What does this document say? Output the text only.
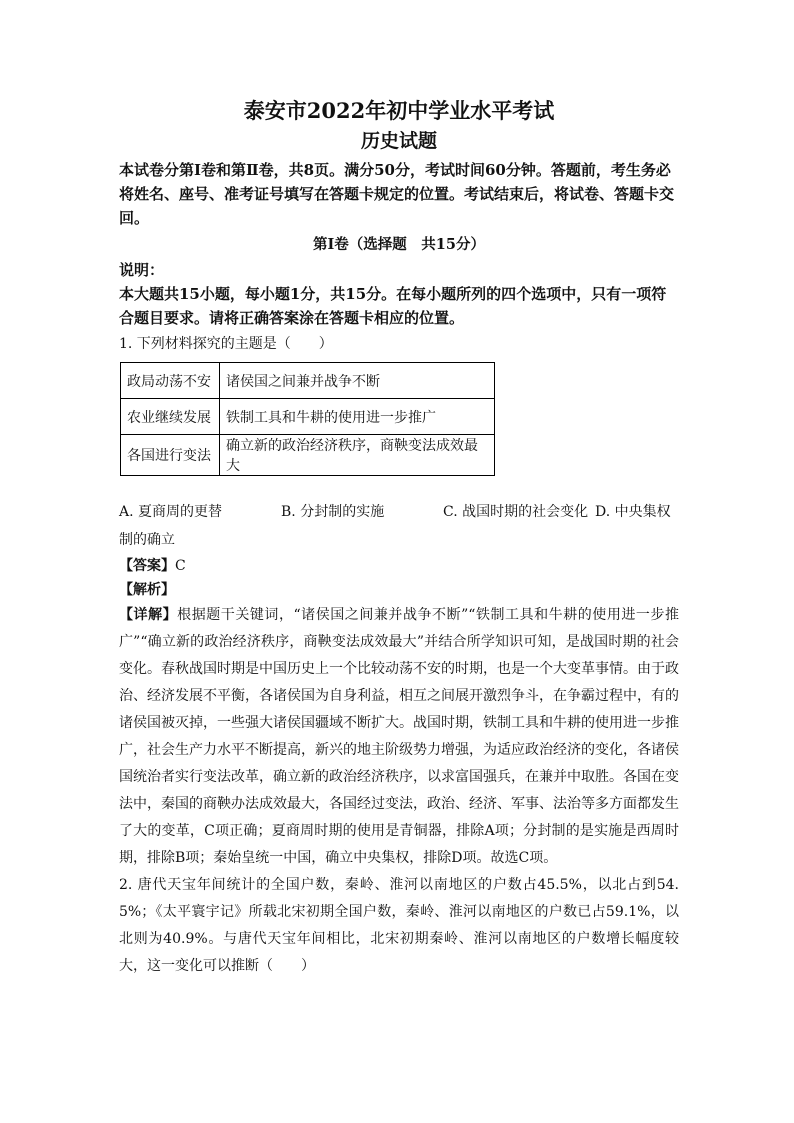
泰安市2022年初中学业水平考试
历史试题
本试卷分第Ⅰ卷和第Ⅱ卷，共8页。满分50分，考试时间60分钟。答题前，考生务必将姓名、座号、准考证号填写在答题卡规定的位置。考试结束后，将试卷、答题卡交回。
第Ⅰ卷（选择题　共15分）
说明：
本大题共15小题，每小题1分，共15分。在每小题所列的四个选项中，只有一项符合题目要求。请将正确答案涂在答题卡相应的位置。
1. 下列材料探究的主题是（　　）
政局动荡不安	诸侯国之间兼并战争不断
农业继续发展	铁制工具和牛耕的使用进一步推广
各国进行变法	确立新的政治经济秩序，商鞅变法成效最大
A. 夏商周的更替	B. 分封制的实施	C. 战国时期的社会变化 D. 中央集权制的确立
【答案】C
【解析】
【详解】根据题干关键词，“诸侯国之间兼并战争不断”“铁制工具和牛耕的使用进一步推广”“确立新的政治经济秩序，商鞅变法成效最大”并结合所学知识可知，是战国时期的社会变化。春秋战国时期是中国历史上一个比较动荡不安的时期，也是一个大变革事情。由于政治、经济发展不平衡，各诸侯国为自身利益，相互之间展开激烈争斗，在争霸过程中，有的诸侯国被灭掉，一些强大诸侯国疆域不断扩大。战国时期，铁制工具和牛耕的使用进一步推广，社会生产力水平不断提高，新兴的地主阶级势力增强，为适应政治经济的变化，各诸侯国统治者实行变法改革，确立新的政治经济秩序，以求富国强兵，在兼并中取胜。各国在变法中，秦国的商鞅办法成效最大，各国经过变法，政治、经济、军事、法治等多方面都发生了大的变革，C项正确；夏商周时期的使用是青铜器，排除A项；分封制的是实施是西周时期，排除B项；秦始皇统一中国，确立中央集权，排除D项。故选C项。
2. 唐代天宝年间统计的全国户数，秦岭、淮河以南地区的户数占45.5%，以北占到54.5%；《太平寰宇记》所载北宋初期全国户数，秦岭、淮河以南地区的户数已占59.1%，以北则为40.9%。与唐代天宝年间相比，北宋初期秦岭、淮河以南地区的户数增长幅度较大，这一变化可以推断（　　）
